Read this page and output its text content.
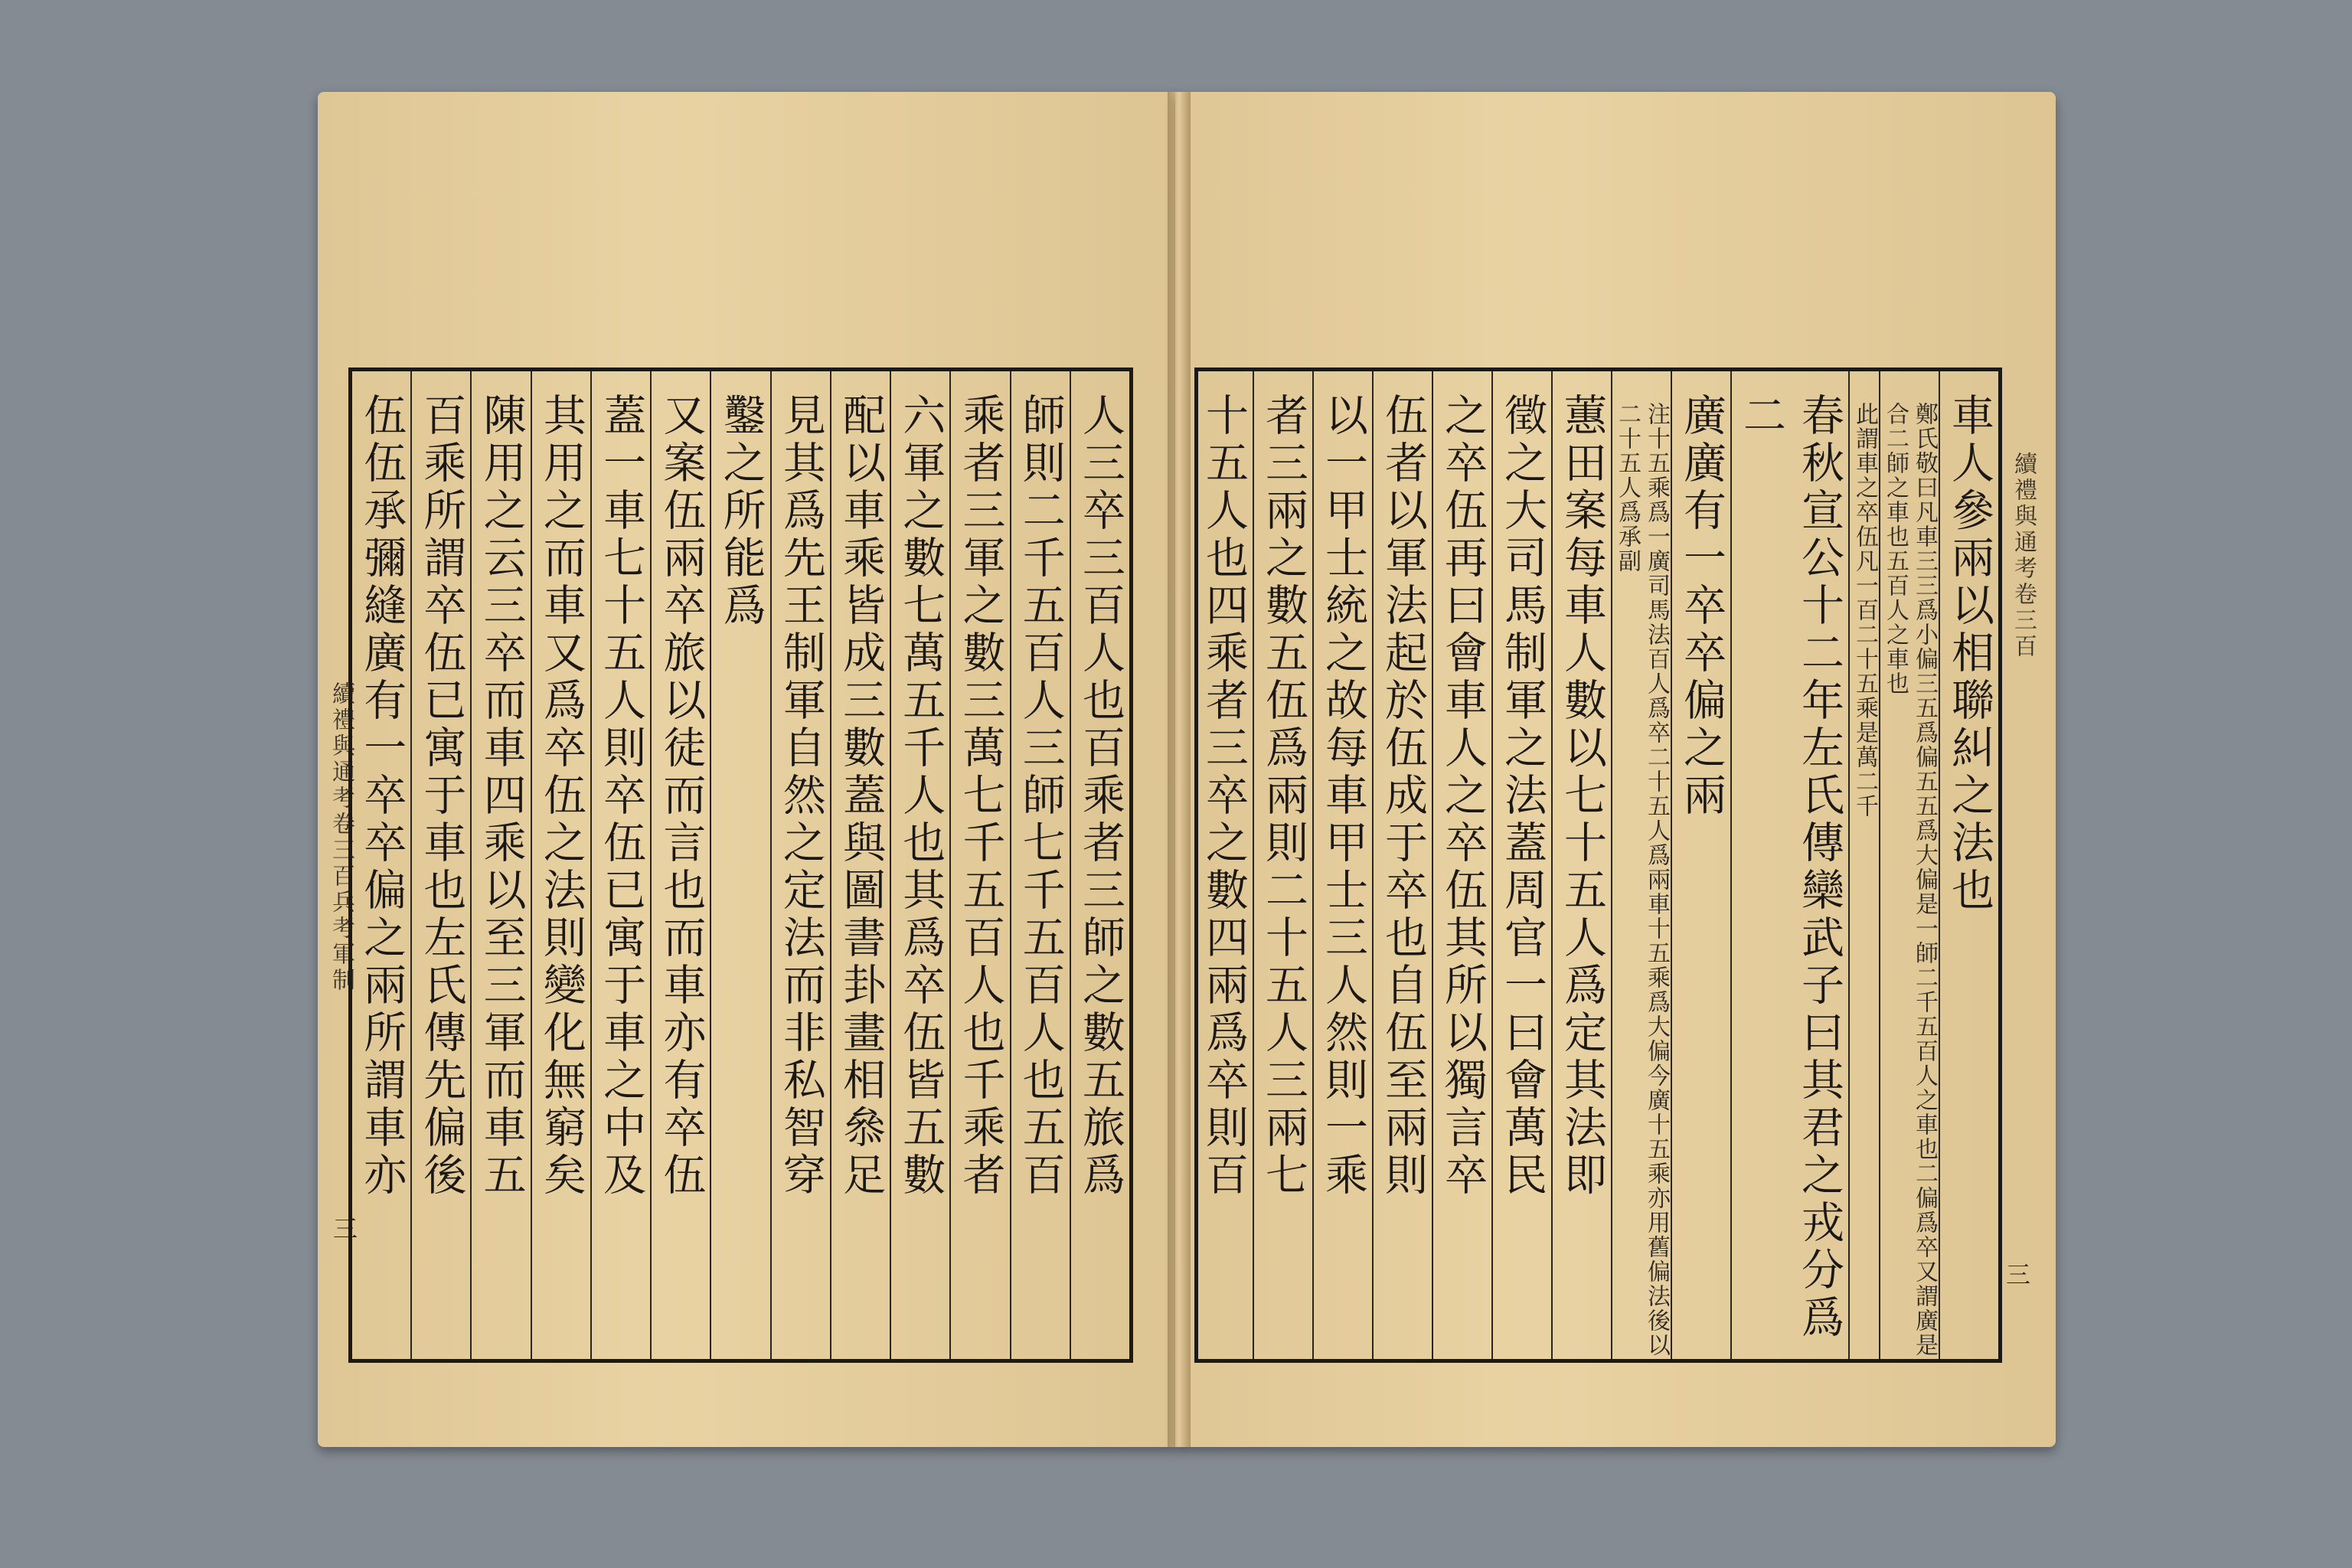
續禮與通考卷三百兵考軍制
三
人三卒三百人也百乘者三師之數五旅爲
師則二千五百人三師七千五百人也五百
乘者三軍之數三萬七千五百人也千乘者
六軍之數七萬五千人也其爲卒伍皆五數
配以車乘皆成三數蓋與圖書卦畫相叅足
見其爲先王制軍自然之定法而非私智穿
鑿之所能爲
又案伍兩卒旅以徒而言也而車亦有卒伍
蓋一車七十五人則卒伍已寓于車之中及
其用之而車又爲卒伍之法則變化無窮矣
陳用之云三卒而車四乘以至三軍而車五
百乘所謂卒伍已寓于車也左氏傳先偏後
伍伍承彌縫廣有一卒卒偏之兩所謂車亦	續禮與通考卷三百
三
車人參兩以相聯糾之法也
鄭氏敬曰凡車三三爲小偏三五爲偏五五爲大偏是一師二千五百人之車也二偏爲卒又謂廣是合二師之車也五百人之車也
此謂車之卒伍凡一百二十五乘是萬二千
春秋宣公十二年左氏傳欒武子曰其君之戎分爲二
廣廣有一卒卒偏之兩
注十五乘爲一廣司馬法百人爲卒二十五人爲兩車十五乘爲大偏今廣十五乘亦用舊偏法後以二十五人爲承副
蕙田案每車人數以七十五人爲定其法即
徵之大司馬制軍之法蓋周官一曰會萬民
之卒伍再曰會車人之卒伍其所以獨言卒
伍者以軍法起於伍成于卒也自伍至兩則
以一甲士統之故每車甲士三人然則一乘
者三兩之數五伍爲兩則二十五人三兩七
十五人也四乘者三卒之數四兩爲卒則百
